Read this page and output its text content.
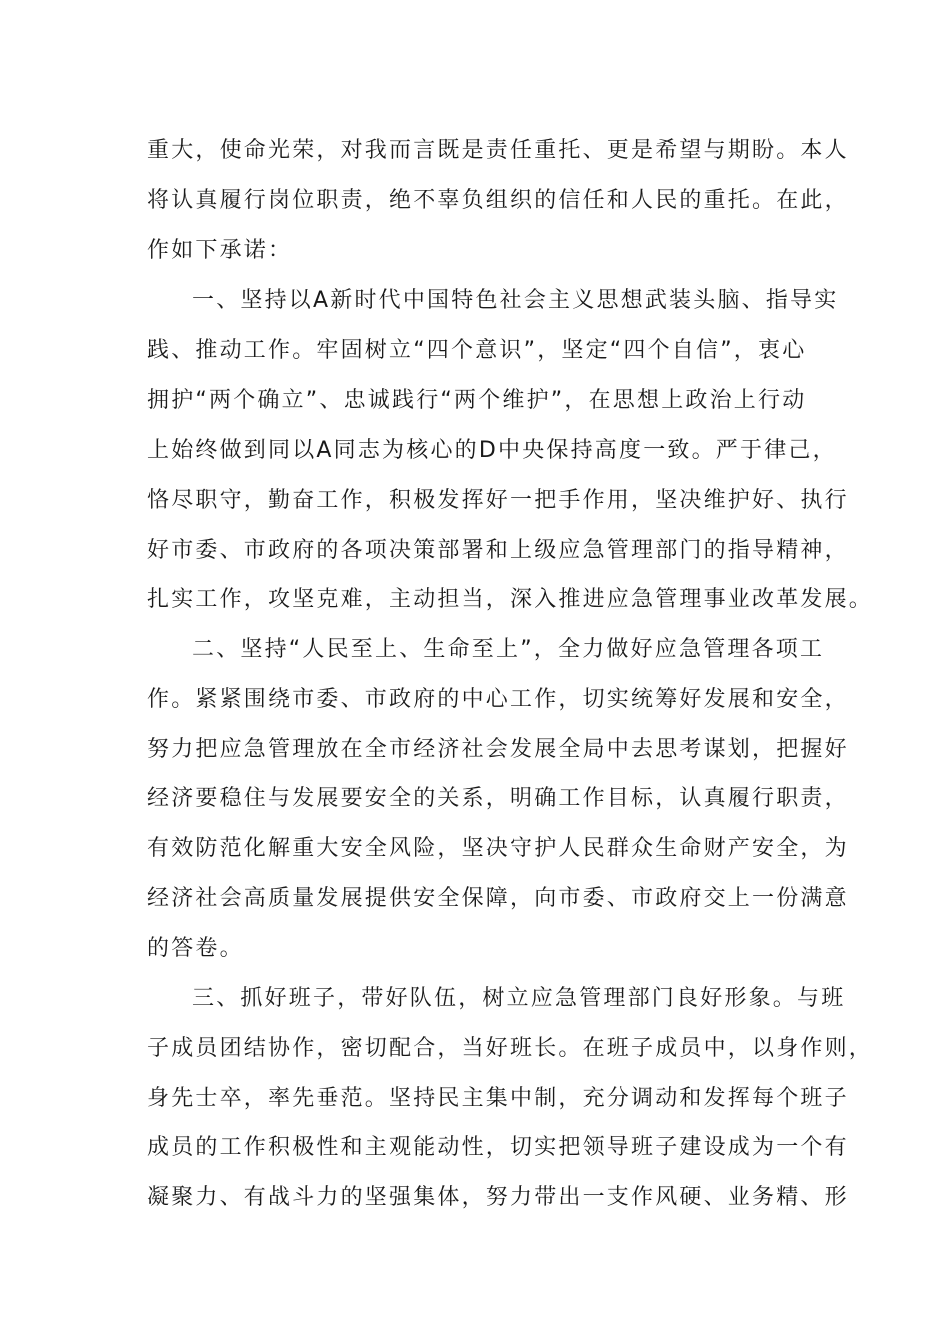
重大，使命光荣，对我而言既是责任重托、更是希望与期盼。本人
将认真履行岗位职责，绝不辜负组织的信任和人民的重托。在此，
作如下承诺：
一、坚持以A新时代中国特色社会主义思想武装头脑、指导实
践、推动工作。牢固树立“四个意识”，坚定“四个自信”，衷心
拥护“两个确立”、忠诚践行“两个维护”，在思想上政治上行动
上始终做到同以A同志为核心的D中央保持高度一致。严于律己，
恪尽职守，勤奋工作，积极发挥好一把手作用，坚决维护好、执行
好市委、市政府的各项决策部署和上级应急管理部门的指导精神，
扎实工作，攻坚克难，主动担当，深入推进应急管理事业改革发展。
二、坚持“人民至上、生命至上”，全力做好应急管理各项工
作。紧紧围绕市委、市政府的中心工作，切实统筹好发展和安全，
努力把应急管理放在全市经济社会发展全局中去思考谋划，把握好
经济要稳住与发展要安全的关系，明确工作目标，认真履行职责，
有效防范化解重大安全风险，坚决守护人民群众生命财产安全，为
经济社会高质量发展提供安全保障，向市委、市政府交上一份满意
的答卷。
三、抓好班子，带好队伍，树立应急管理部门良好形象。与班
子成员团结协作，密切配合，当好班长。在班子成员中，以身作则，
身先士卒，率先垂范。坚持民主集中制，充分调动和发挥每个班子
成员的工作积极性和主观能动性，切实把领导班子建设成为一个有
凝聚力、有战斗力的坚强集体，努力带出一支作风硬、业务精、形
